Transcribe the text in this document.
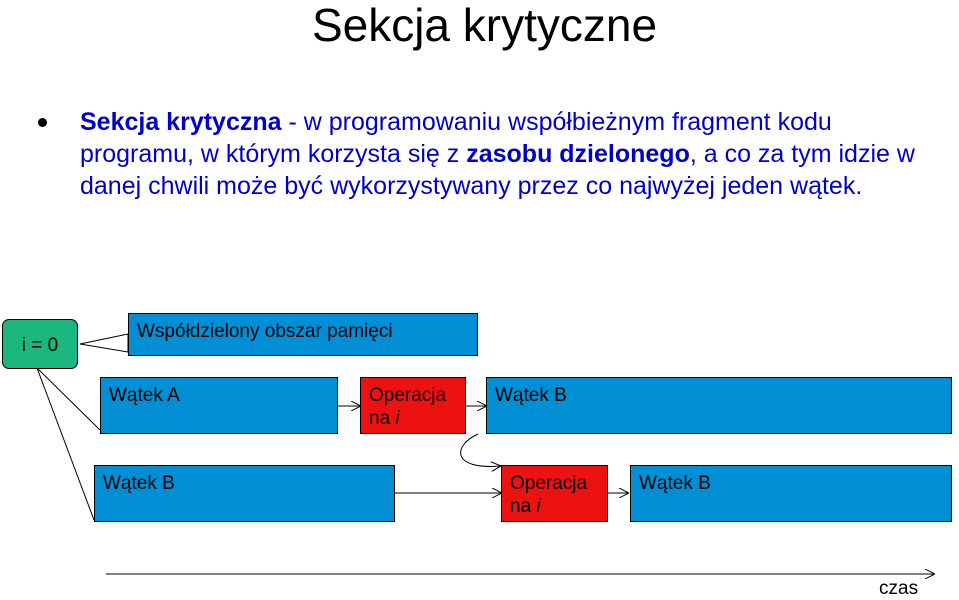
Sekcja krytyczne
Sekcja krytyczna - w programowaniu współbieżnym fragment kodu programu, w którym korzysta się z zasobu dzielonego, a co za tym idzie w danej chwili może być wykorzystywany przez co najwyżej jeden wątek.
i = 0
Współdzielony obszar pamięci
Wątek A	Operacja
na i
Wątek B
Wątek B	Operacja
na i
Wątek B
czas
